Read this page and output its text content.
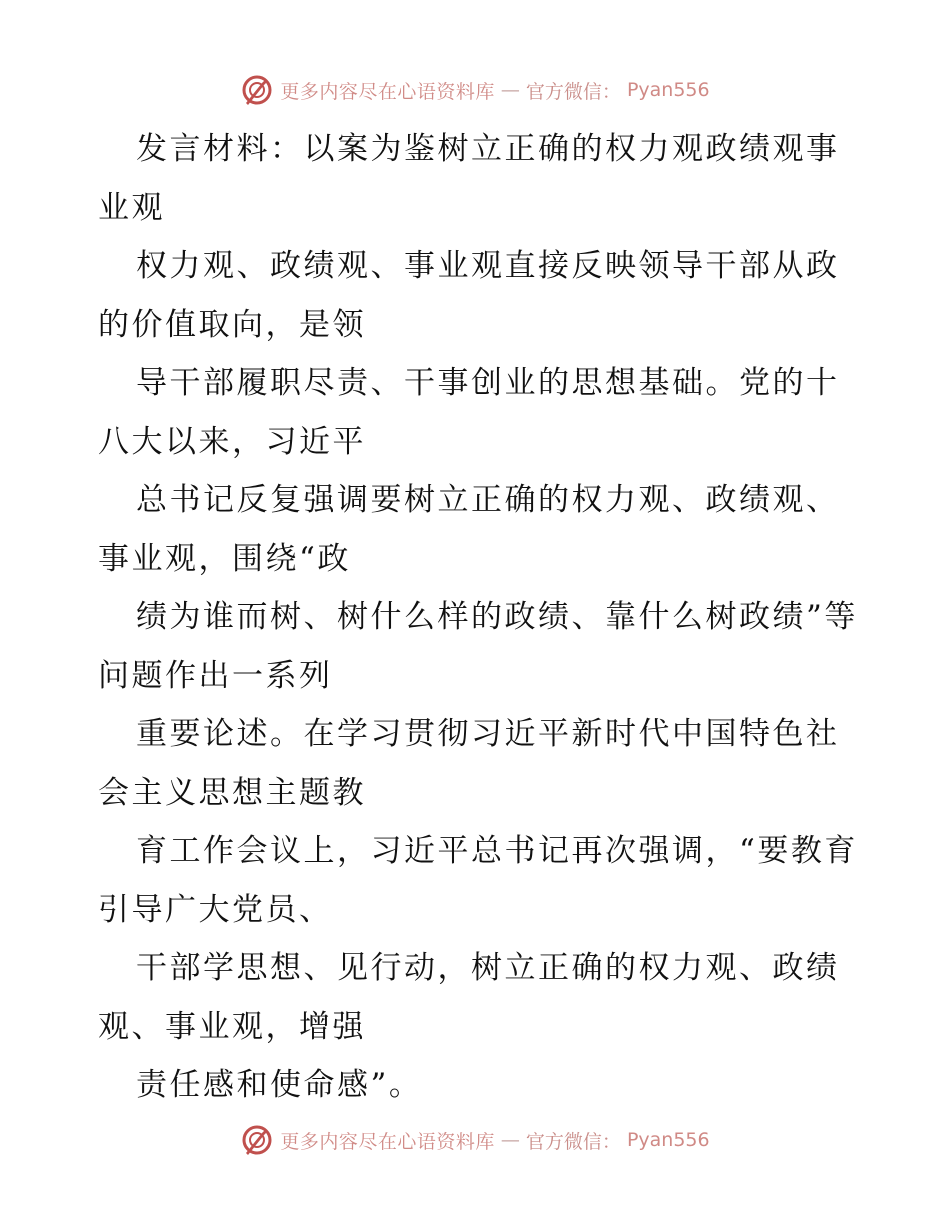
更多内容尽在心语资料库 — 官方微信： Pyan556

发言材料：以案为鉴树立正确的权力观政绩观事业观

权力观、政绩观、事业观直接反映领导干部从政的价值取向，是领

导干部履职尽责、干事创业的思想基础。党的十八大以来，习近平

总书记反复强调要树立正确的权力观、政绩观、事业观，围绕“政

绩为谁而树、树什么样的政绩、靠什么树政绩”等问题作出一系列

重要论述。在学习贯彻习近平新时代中国特色社会主义思想主题教

育工作会议上，习近平总书记再次强调，“要教育引导广大党员、

干部学思想、见行动，树立正确的权力观、政绩观、事业观，增强

责任感和使命感”。

更多内容尽在心语资料库 — 官方微信： Pyan556
